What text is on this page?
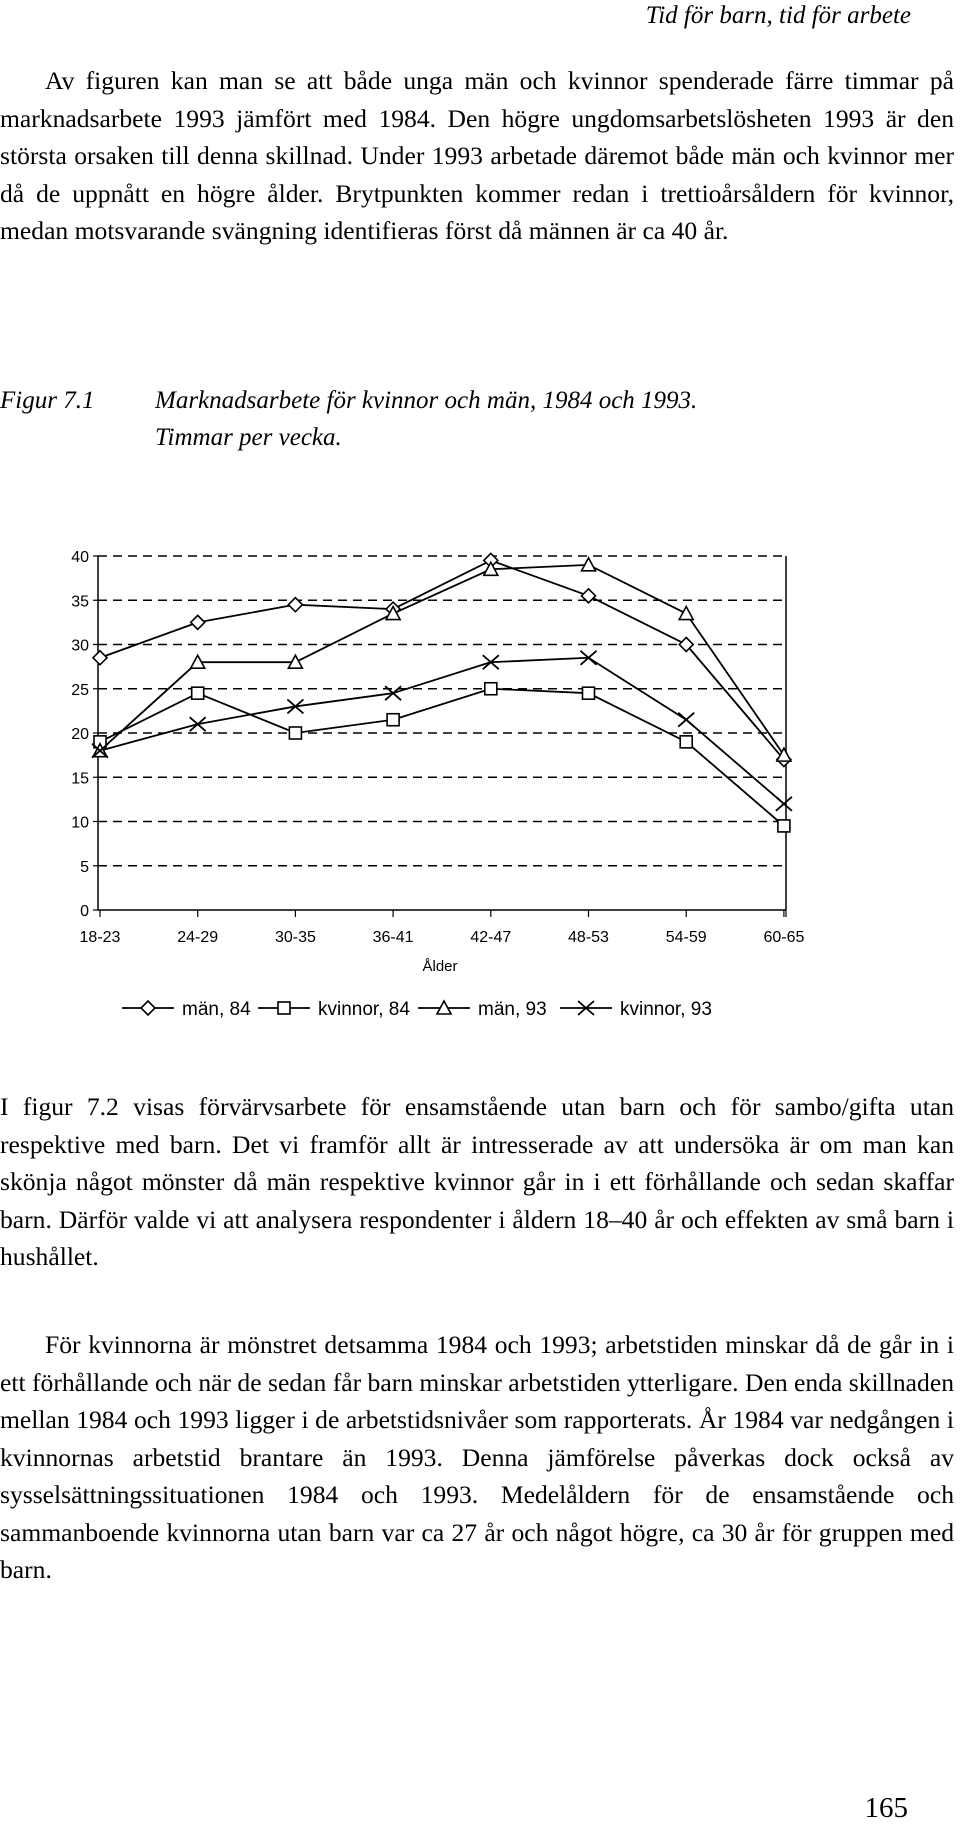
Tid för barn, tid för arbete

Av figuren kan man se att både unga män och kvinnor spenderade färre timmar på marknadsarbete 1993 jämfört med 1984. Den högre ungdomsarbetslösheten 1993 är den största orsaken till denna skillnad. Under 1993 arbetade däremot både män och kvinnor mer då de uppnått en högre ålder. Brytpunkten kommer redan i trettioårsåldern för kvinnor, medan motsvarande svängning identifieras först då männen är ca 40 år.

Figur 7.1 Marknadsarbete för kvinnor och män, 1984 och 1993.
Timmar per vecka.
0
5
10
15
20
25
30
35
40
18-23	24-29	30-35	36-41	42-47	48-53	54-59	60-65
Ålder
män, 84	kvinnor, 84	män, 93	kvinnor, 93

I figur 7.2 visas förvärvsarbete för ensamstående utan barn och för sambo/gifta utan respektive med barn. Det vi framför allt är intresserade av att undersöka är om man kan skönja något mönster då män respektive kvinnor går in i ett förhållande och sedan skaffar barn. Därför valde vi att analysera respondenter i åldern 18–40 år och effekten av små barn i hushållet.

För kvinnorna är mönstret detsamma 1984 och 1993; arbetstiden minskar då de går in i ett förhållande och när de sedan får barn minskar arbetstiden ytterligare. Den enda skillnaden mellan 1984 och 1993 ligger i de arbetstidsnivåer som rapporterats. År 1984 var nedgången i kvinnornas arbetstid brantare än 1993. Denna jämförelse påverkas dock också av sysselsättningssituationen 1984 och 1993. Medelåldern för de ensamstående och sammanboende kvinnorna utan barn var ca 27 år och något högre, ca 30 år för gruppen med barn.

165
